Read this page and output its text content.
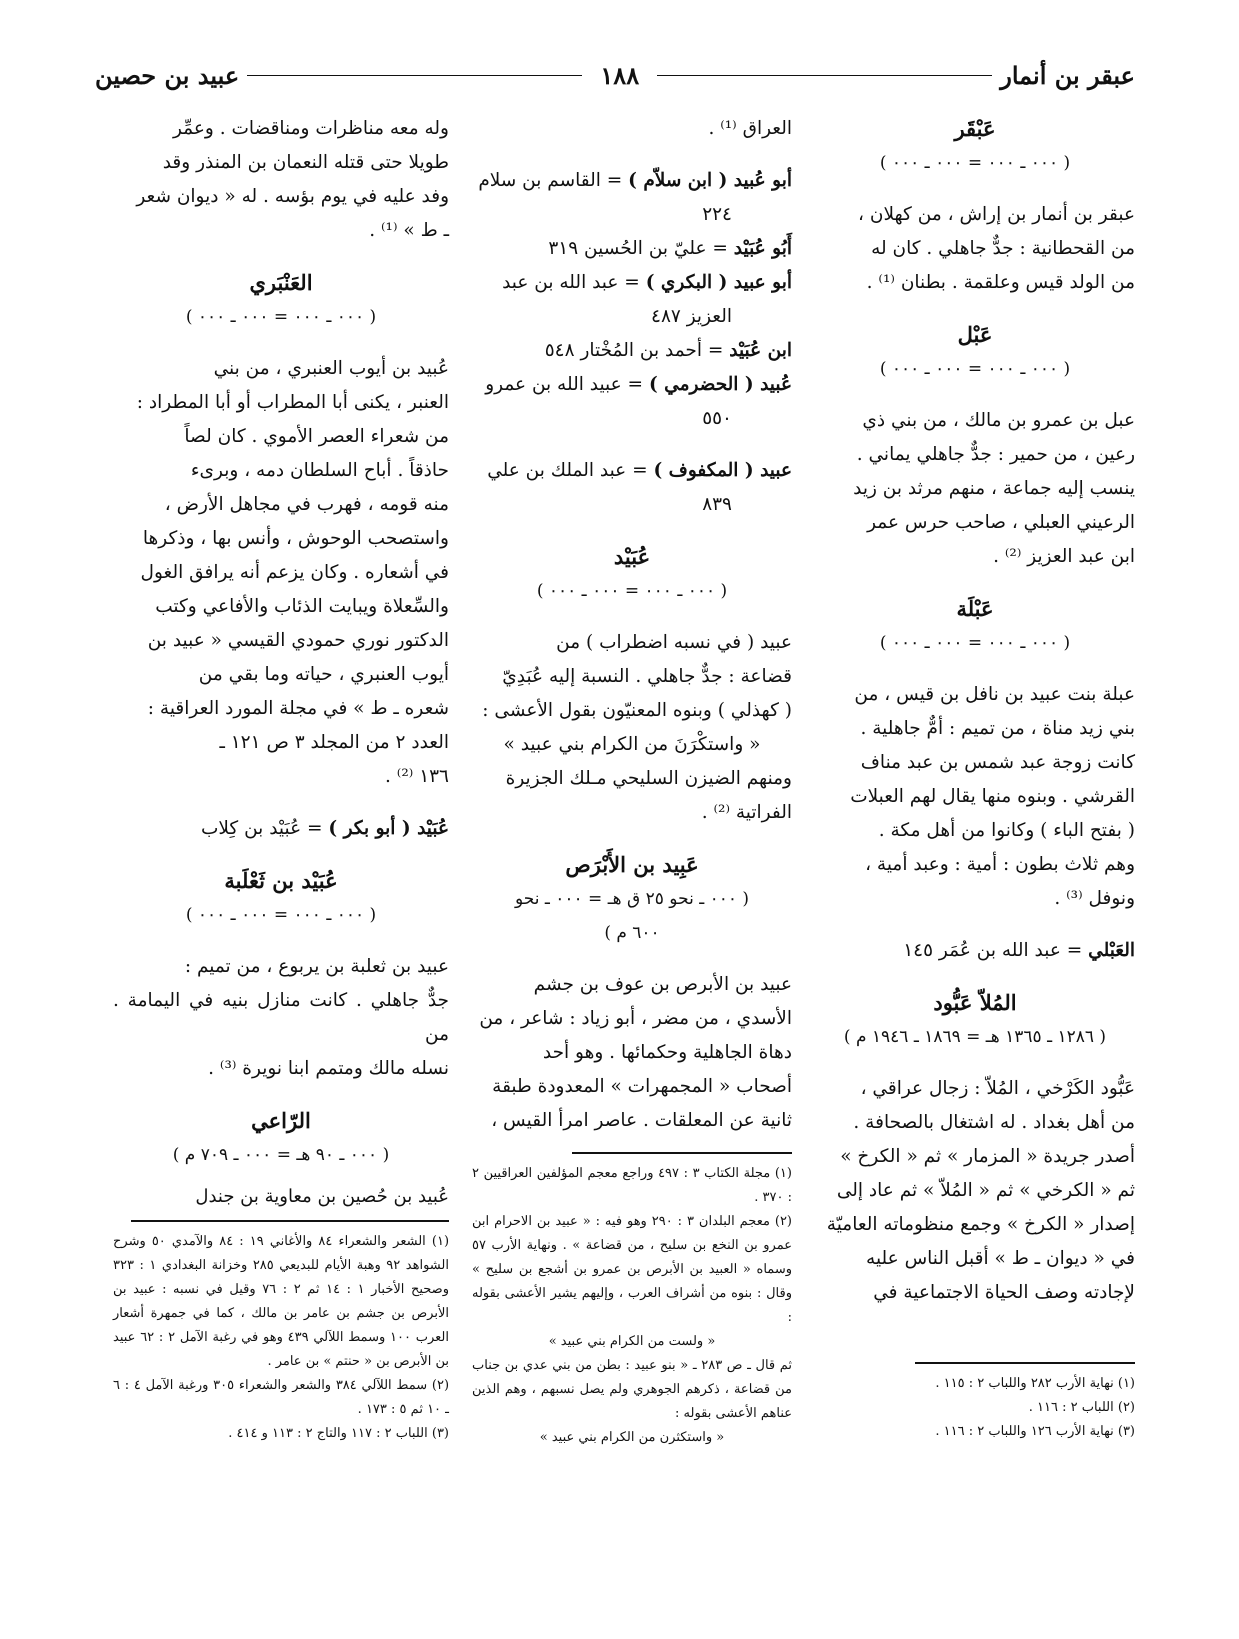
عبقر بن أنمار
١٨٨
عبيد بن حصين

عَبْقَر

( ٠٠٠ ـ ٠٠٠ = ٠٠٠ ـ ٠٠٠ )

عبقر بن أنمار بن إراش ، من كهلان ،

من القحطانية : جدٌّ جاهلي . كان له

من الولد قيس وعلقمة . بطنان ⁽¹⁾ .

عَبْل

( ٠٠٠ ـ ٠٠٠ = ٠٠٠ ـ ٠٠٠ )

عبل بن عمرو بن مالك ، من بني ذي

رعين ، من حمير : جدٌّ جاهلي يماني .

ينسب إليه جماعة ، منهم مرثد بن زيد

الرعيني العبلي ، صاحب حرس عمر

ابن عبد العزيز ⁽²⁾ .

عَبْلَة

( ٠٠٠ ـ ٠٠٠ = ٠٠٠ ـ ٠٠٠ )

عبلة بنت عبيد بن نافل بن قيس ، من

بني زيد مناة ، من تميم : أمٌّ جاهلية .

كانت زوجة عبد شمس بن عبد مناف

القرشي . وبنوه منها يقال لهم العبلات

( بفتح الباء ) وكانوا من أهل مكة .

وهم ثلاث بطون : أمية : وعبد أمية ،

ونوفل ⁽³⁾ .

العَبْلي = عبد الله بن عُمَر ١٤٥

المُلاّ عَبُّود

( ١٢٨٦ ـ ١٣٦٥ هـ = ١٨٦٩ ـ ١٩٤٦ م )

عَبُّود الكَرْخي ، المُلاّ : زجال عراقي ،

من أهل بغداد . له اشتغال بالصحافة .

أصدر جريدة « المزمار » ثم « الكرخ »

ثم « الكرخي » ثم « المُلاّ » ثم عاد إلى

إصدار « الكرخ » وجمع منظوماته العاميّة

في « ديوان ـ ط » أقبل الناس عليه

لإجادته وصف الحياة الاجتماعية في

(١) نهاية الأرب ٢٨٢ واللباب ٢ : ١١٥ .

(٢) اللباب ٢ : ١١٦ .

(٣) نهاية الأرب ١٢٦ واللباب ٢ : ١١٦ .

العراق ⁽¹⁾ .

أبو عُبيد ( ابن سلاّم ) = القاسم بن سلام

٢٢٤

أَبُو عُبَيْد = عليّ بن الحُسين ٣١٩

أبو عبيد ( البكري ) = عبد الله بن عبد

العزيز ٤٨٧

ابن عُبَيْد = أحمد بن المُخْتار ٥٤٨

عُبيد ( الحضرمي ) = عبيد الله بن عمرو

٥٥٠

عبيد ( المكفوف ) = عبد الملك بن علي

٨٣٩

عُبَيْد

( ٠٠٠ ـ ٠٠٠ = ٠٠٠ ـ ٠٠٠ )

عبيد ( في نسبه اضطراب ) من

قضاعة : جدٌّ جاهلي . النسبة إليه عُبَدِيّ

( كهذلي ) وبنوه المعنيّون بقول الأعشى :

« واستكْرَنَ من الكرام بني عبيد »

ومنهم الضيزن السليحي مـلك الجزيرة

الفراتية ⁽²⁾ .

عَبِيد بن الأَبْرَص

( ٠٠٠ ـ نحو ٢٥ ق هـ = ٠٠٠ ـ نحو

٦٠٠ م )

عبيد بن الأبرص بن عوف بن جشم

الأسدي ، من مضر ، أبو زياد : شاعر ، من

دهاة الجاهلية وحكمائها . وهو أحد

أصحاب « المجمهرات » المعدودة طبقة

ثانية عن المعلقات . عاصر امرأ القيس ،

(١) مجلة الكتاب ٣ : ٤٩٧ وراجع معجم المؤلفين العراقيين ٢ : ٣٧٠ .

(٢) معجم البلدان ٣ : ٢٩٠ وهو فيه : « عبيد بن الاحرام ابن عمرو بن النخع بن سليح ، من قضاعة » . ونهاية الأرب ٥٧ وسماه « العبيد بن الأبرص بن عمرو بن أشجع بن سليح » وقال : بنوه من أشراف العرب ، وإليهم يشير الأعشى بقوله :

« ولست من الكرام بني عبيد »

ثم قال ـ ص ٢٨٣ ـ « بنو عبيد : بطن من بني عدي بن جناب من قضاعة ، ذكرهم الجوهري ولم يصل نسبهم ، وهم الذين عناهم الأعشى بقوله :

« واستكثرن من الكرام بني عبيد »

وله معه مناظرات ومناقضات . وعمِّر

طويلا حتى قتله النعمان بن المنذر وقد

وفد عليه في يوم بؤسه . له « ديوان شعر

ـ ط » ⁽¹⁾ .

العَنْبَري

( ٠٠٠ ـ ٠٠٠ = ٠٠٠ ـ ٠٠٠ )

عُبيد بن أيوب العنبري ، من بني

العنبر ، يكنى أبا المطراب أو أبا المطراد :

من شعراء العصر الأموي . كان لصاً

حاذقاً . أباح السلطان دمه ، وبرىء

منه قومه ، فهرب في مجاهل الأرض ،

واستصحب الوحوش ، وأنس بها ، وذكرها

في أشعاره . وكان يزعم أنه يرافق الغول

والسِّعلاة ويبايت الذئاب والأفاعي وكتب

الدكتور نوري حمودي القيسي « عبيد بن

أيوب العنبري ، حياته وما بقي من

شعره ـ ط » في مجلة المورد العراقية :

العدد ٢ من المجلد ٣ ص ١٢١ ـ

١٣٦ ⁽²⁾ .

عُبَيْد ( أبو بكر ) = عُبَيْد بن كِلاب

عُبَيْد بن ثَعْلَبة

( ٠٠٠ ـ ٠٠٠ = ٠٠٠ ـ ٠٠٠ )

عبيد بن ثعلبة بن يربوع ، من تميم :

جدٌّ جاهلي . كانت منازل بنيه في اليمامة . من

نسله مالك ومتمم ابنا نويرة ⁽³⁾ .

الرّاعي

( ٠٠٠ ـ ٩٠ هـ = ٠٠٠ ـ ٧٠٩ م )

عُبيد بن حُصين بن معاوية بن جندل

(١) الشعر والشعراء ٨٤ والأغاني ١٩ : ٨٤ والآمدي ٥٠ وشرح الشواهد ٩٢ وهبة الأيام للبديعي ٢٨٥ وخزانة البغدادي ١ : ٣٢٣ وصحيح الأخبار ١ : ١٤ ثم ٢ : ٧٦ وقيل في نسبه : عبيد بن الأبرص بن جشم بن عامر بن مالك ، كما في جمهرة أشعار العرب ١٠٠ وسمط اللآلي ٤٣٩ وهو في رغبة الآمل ٢ : ٦٢ عبيد بن الأبرص بن « حنتم » بن عامر .

(٢) سمط اللآلي ٣٨٤ والشعر والشعراء ٣٠٥ ورغبة الآمل ٤ : ٦ ـ ١٠ ثم ٥ : ١٧٣ .

(٣) اللباب ٢ : ١١٧ والتاج ٢ : ١١٣ و ٤١٤ .
